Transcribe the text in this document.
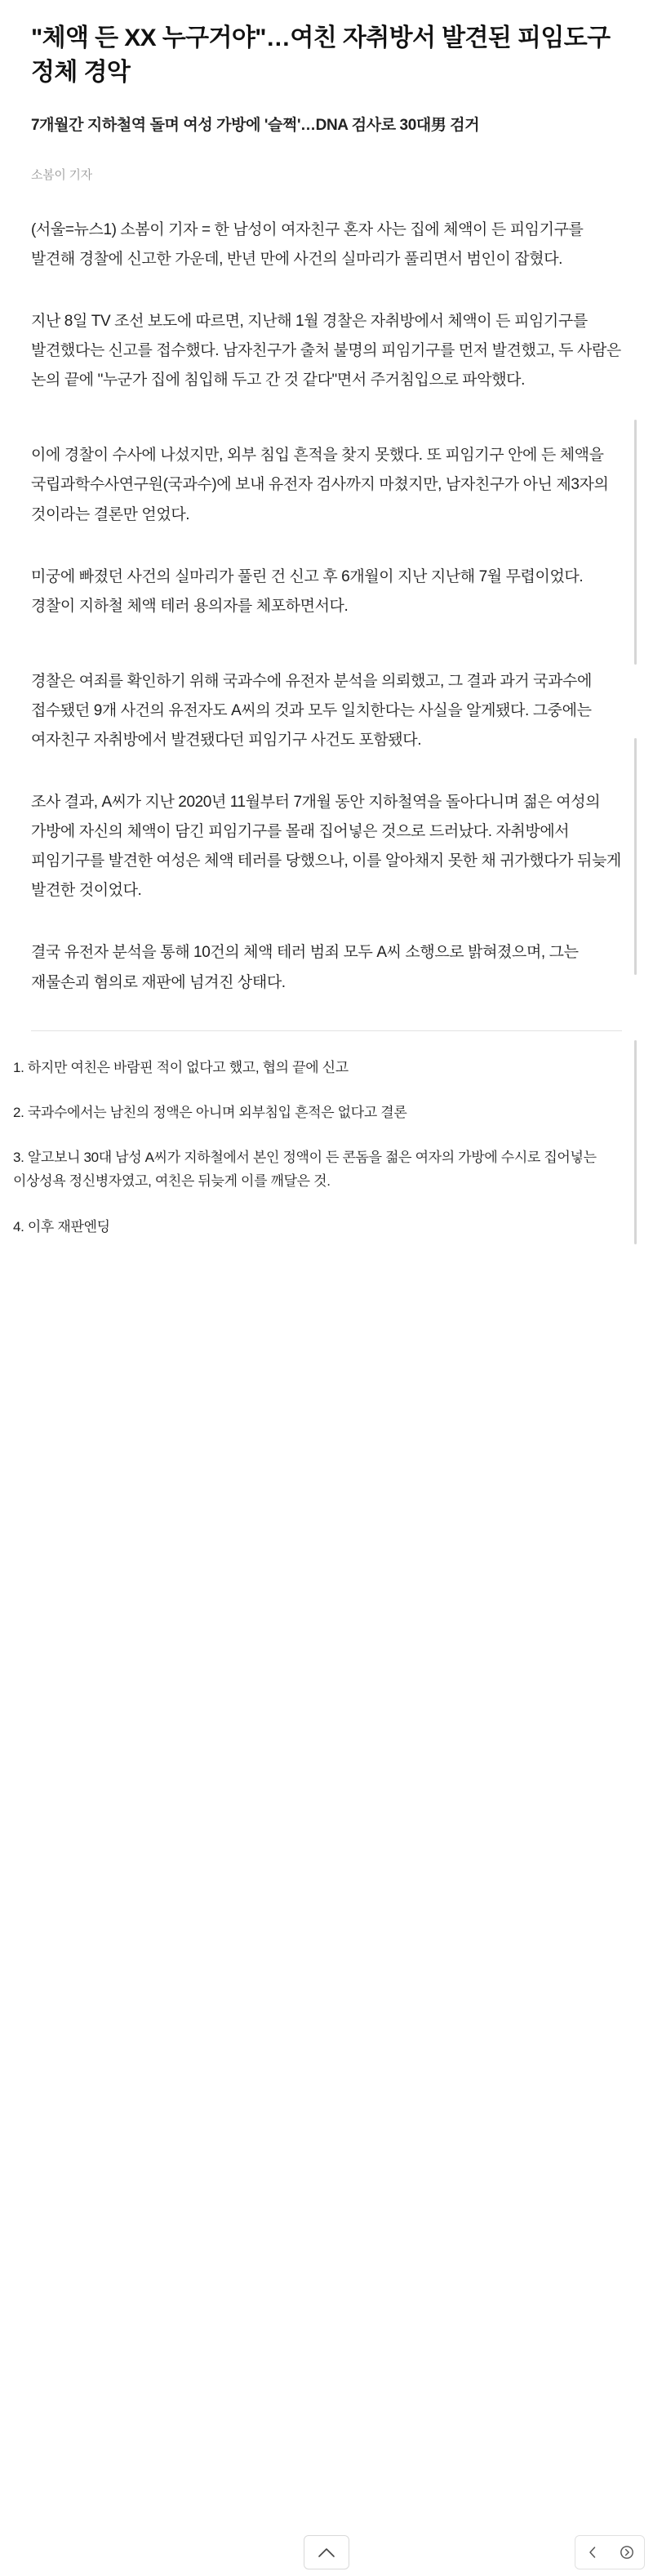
"체액 든 XX 누구거야"…여친 자취방서 발견된 피임도구 정체 경악
7개월간 지하철역 돌며 여성 가방에 '슬쩍'…DNA 검사로 30대男 검거
소봄이 기자

(서울=뉴스1) 소봄이 기자 = 한 남성이 여자친구 혼자 사는 집에 체액이 든 피임기구를 발견해 경찰에 신고한 가운데, 반년 만에 사건의 실마리가 풀리면서 범인이 잡혔다.

지난 8일 TV 조선 보도에 따르면, 지난해 1월 경찰은 자취방에서 체액이 든 피임기구를 발견했다는 신고를 접수했다. 남자친구가 출처 불명의 피임기구를 먼저 발견했고, 두 사람은 논의 끝에 "누군가 집에 침입해 두고 간 것 같다"면서 주거침입으로 파악했다.

이에 경찰이 수사에 나섰지만, 외부 침입 흔적을 찾지 못했다. 또 피임기구 안에 든 체액을 국립과학수사연구원(국과수)에 보내 유전자 검사까지 마쳤지만, 남자친구가 아닌 제3자의 것이라는 결론만 얻었다.

미궁에 빠졌던 사건의 실마리가 풀린 건 신고 후 6개월이 지난 지난해 7월 무렵이었다. 경찰이 지하철 체액 테러 용의자를 체포하면서다.

경찰은 여죄를 확인하기 위해 국과수에 유전자 분석을 의뢰했고, 그 결과 과거 국과수에 접수됐던 9개 사건의 유전자도 A씨의 것과 모두 일치한다는 사실을 알게됐다. 그중에는 여자친구 자취방에서 발견됐다던 피임기구 사건도 포함됐다.

조사 결과, A씨가 지난 2020년 11월부터 7개월 동안 지하철역을 돌아다니며 젊은 여성의 가방에 자신의 체액이 담긴 피임기구를 몰래 집어넣은 것으로 드러났다. 자취방에서 피임기구를 발견한 여성은 체액 테러를 당했으나, 이를 알아채지 못한 채 귀가했다가 뒤늦게 발견한 것이었다.

결국 유전자 분석을 통해 10건의 체액 테러 범죄 모두 A씨 소행으로 밝혀졌으며, 그는 재물손괴 혐의로 재판에 넘겨진 상태다.

1. 하지만 여친은 바람핀 적이 없다고 했고, 협의 끝에 신고

2. 국과수에서는 남친의 정액은 아니며 외부침입 흔적은 없다고 결론

3. 알고보니 30대 남성 A씨가 지하철에서 본인 정액이 든 콘돔을 젊은 여자의 가방에 수시로 집어넣는 이상성욕 정신병자였고, 여친은 뒤늦게 이를 깨달은 것.

4. 이후 재판엔딩
